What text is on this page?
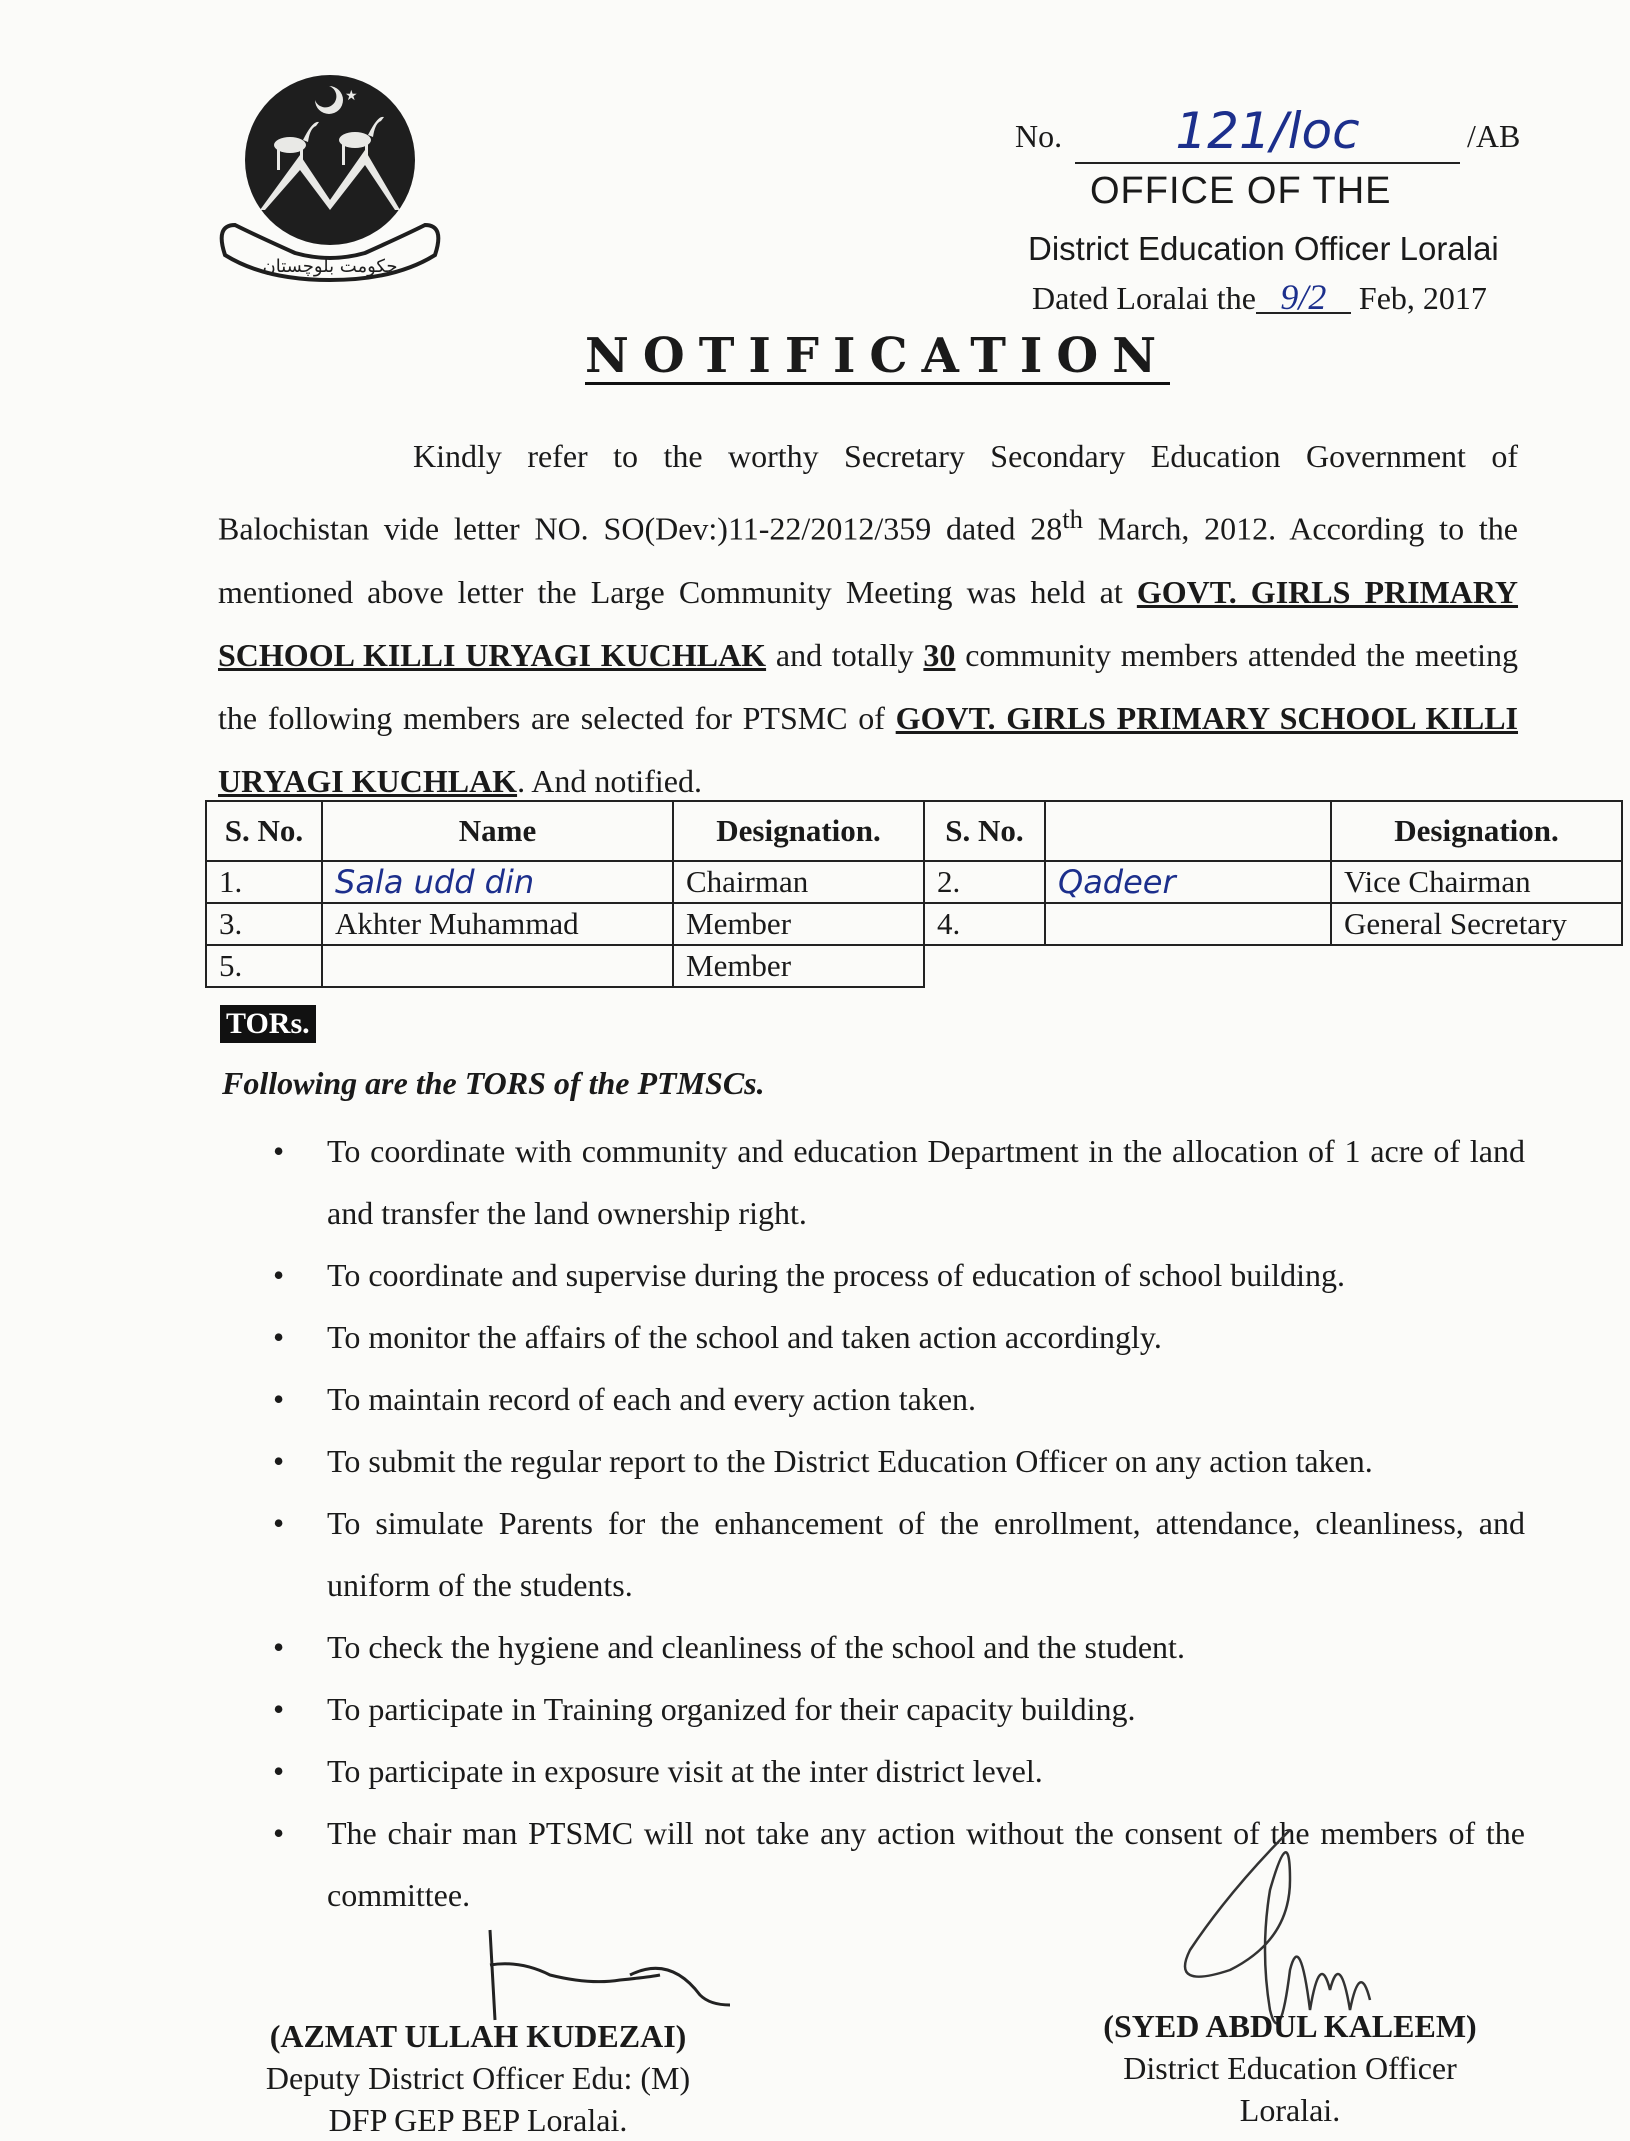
★
حکومت بلوچستان
No.	121/loc	/AB
OFFICE OF THE
District Education Officer Loralai
Dated Loralai the 9/2 Feb, 2017
NOTIFICATION

Kindly refer to the worthy Secretary Secondary Education Government of Balochistan vide letter NO. SO(Dev:)11-22/2012/359 dated 28th March, 2012. According to the mentioned above letter the Large Community Meeting was held at GOVT. GIRLS PRIMARY SCHOOL KILLI URYAGI KUCHLAK and totally 30 community members attended the meeting the following members are selected for PTSMC of GOVT. GIRLS PRIMARY SCHOOL KILLI URYAGI KUCHLAK. And notified.

S. No.	Name	Designation.	S. No.		Designation.
1.	Sala udd din	Chairman	2.	Qadeer	Vice Chairman
3.	Akhter Muhammad	Member	4.		General Secretary
5.		Member			
TORs.
Following are the TORS of the PTMSCs.
• To coordinate with community and education Department in the allocation of 1 acre of land and transfer the land ownership right.
• To coordinate and supervise during the process of education of school building.
• To monitor the affairs of the school and taken action accordingly.
• To maintain record of each and every action taken.
• To submit the regular report to the District Education Officer on any action taken.
• To simulate Parents for the enhancement of the enrollment, attendance, cleanliness, and uniform of the students.
• To check the hygiene and cleanliness of the school and the student.
• To participate in Training organized for their capacity building.
• To participate in exposure visit at the inter district level.
• The chair man PTSMC will not take any action without the consent of the members of the committee.
(AZMAT ULLAH KUDEZAI)
Deputy District Officer Edu: (M)
DFP GEP BEP Loralai.
(SYED ABDUL KALEEM)
District Education Officer
Loralai.
